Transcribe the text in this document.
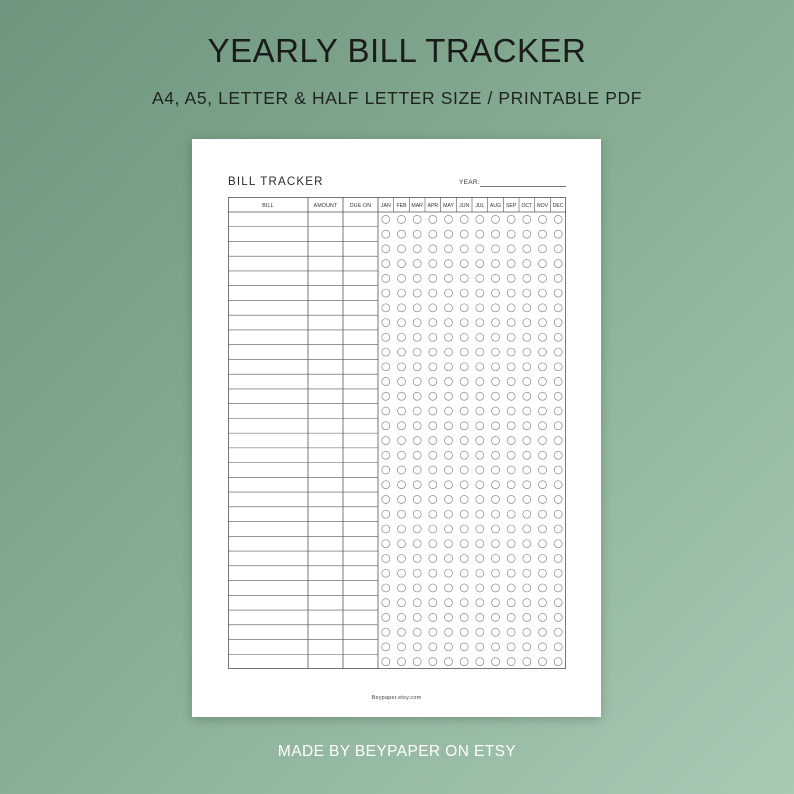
YEARLY BILL TRACKER
A4, A5, LETTER & HALF LETTER SIZE / PRINTABLE PDF
BILL TRACKER	YEAR:
BILL	AMOUNT DUE ON JAN FEB MAR APR MAY JUN JUL AUG SEP OCT NOV DEC
Beypaper.etsy.com
MADE BY BEYPAPER ON ETSY
